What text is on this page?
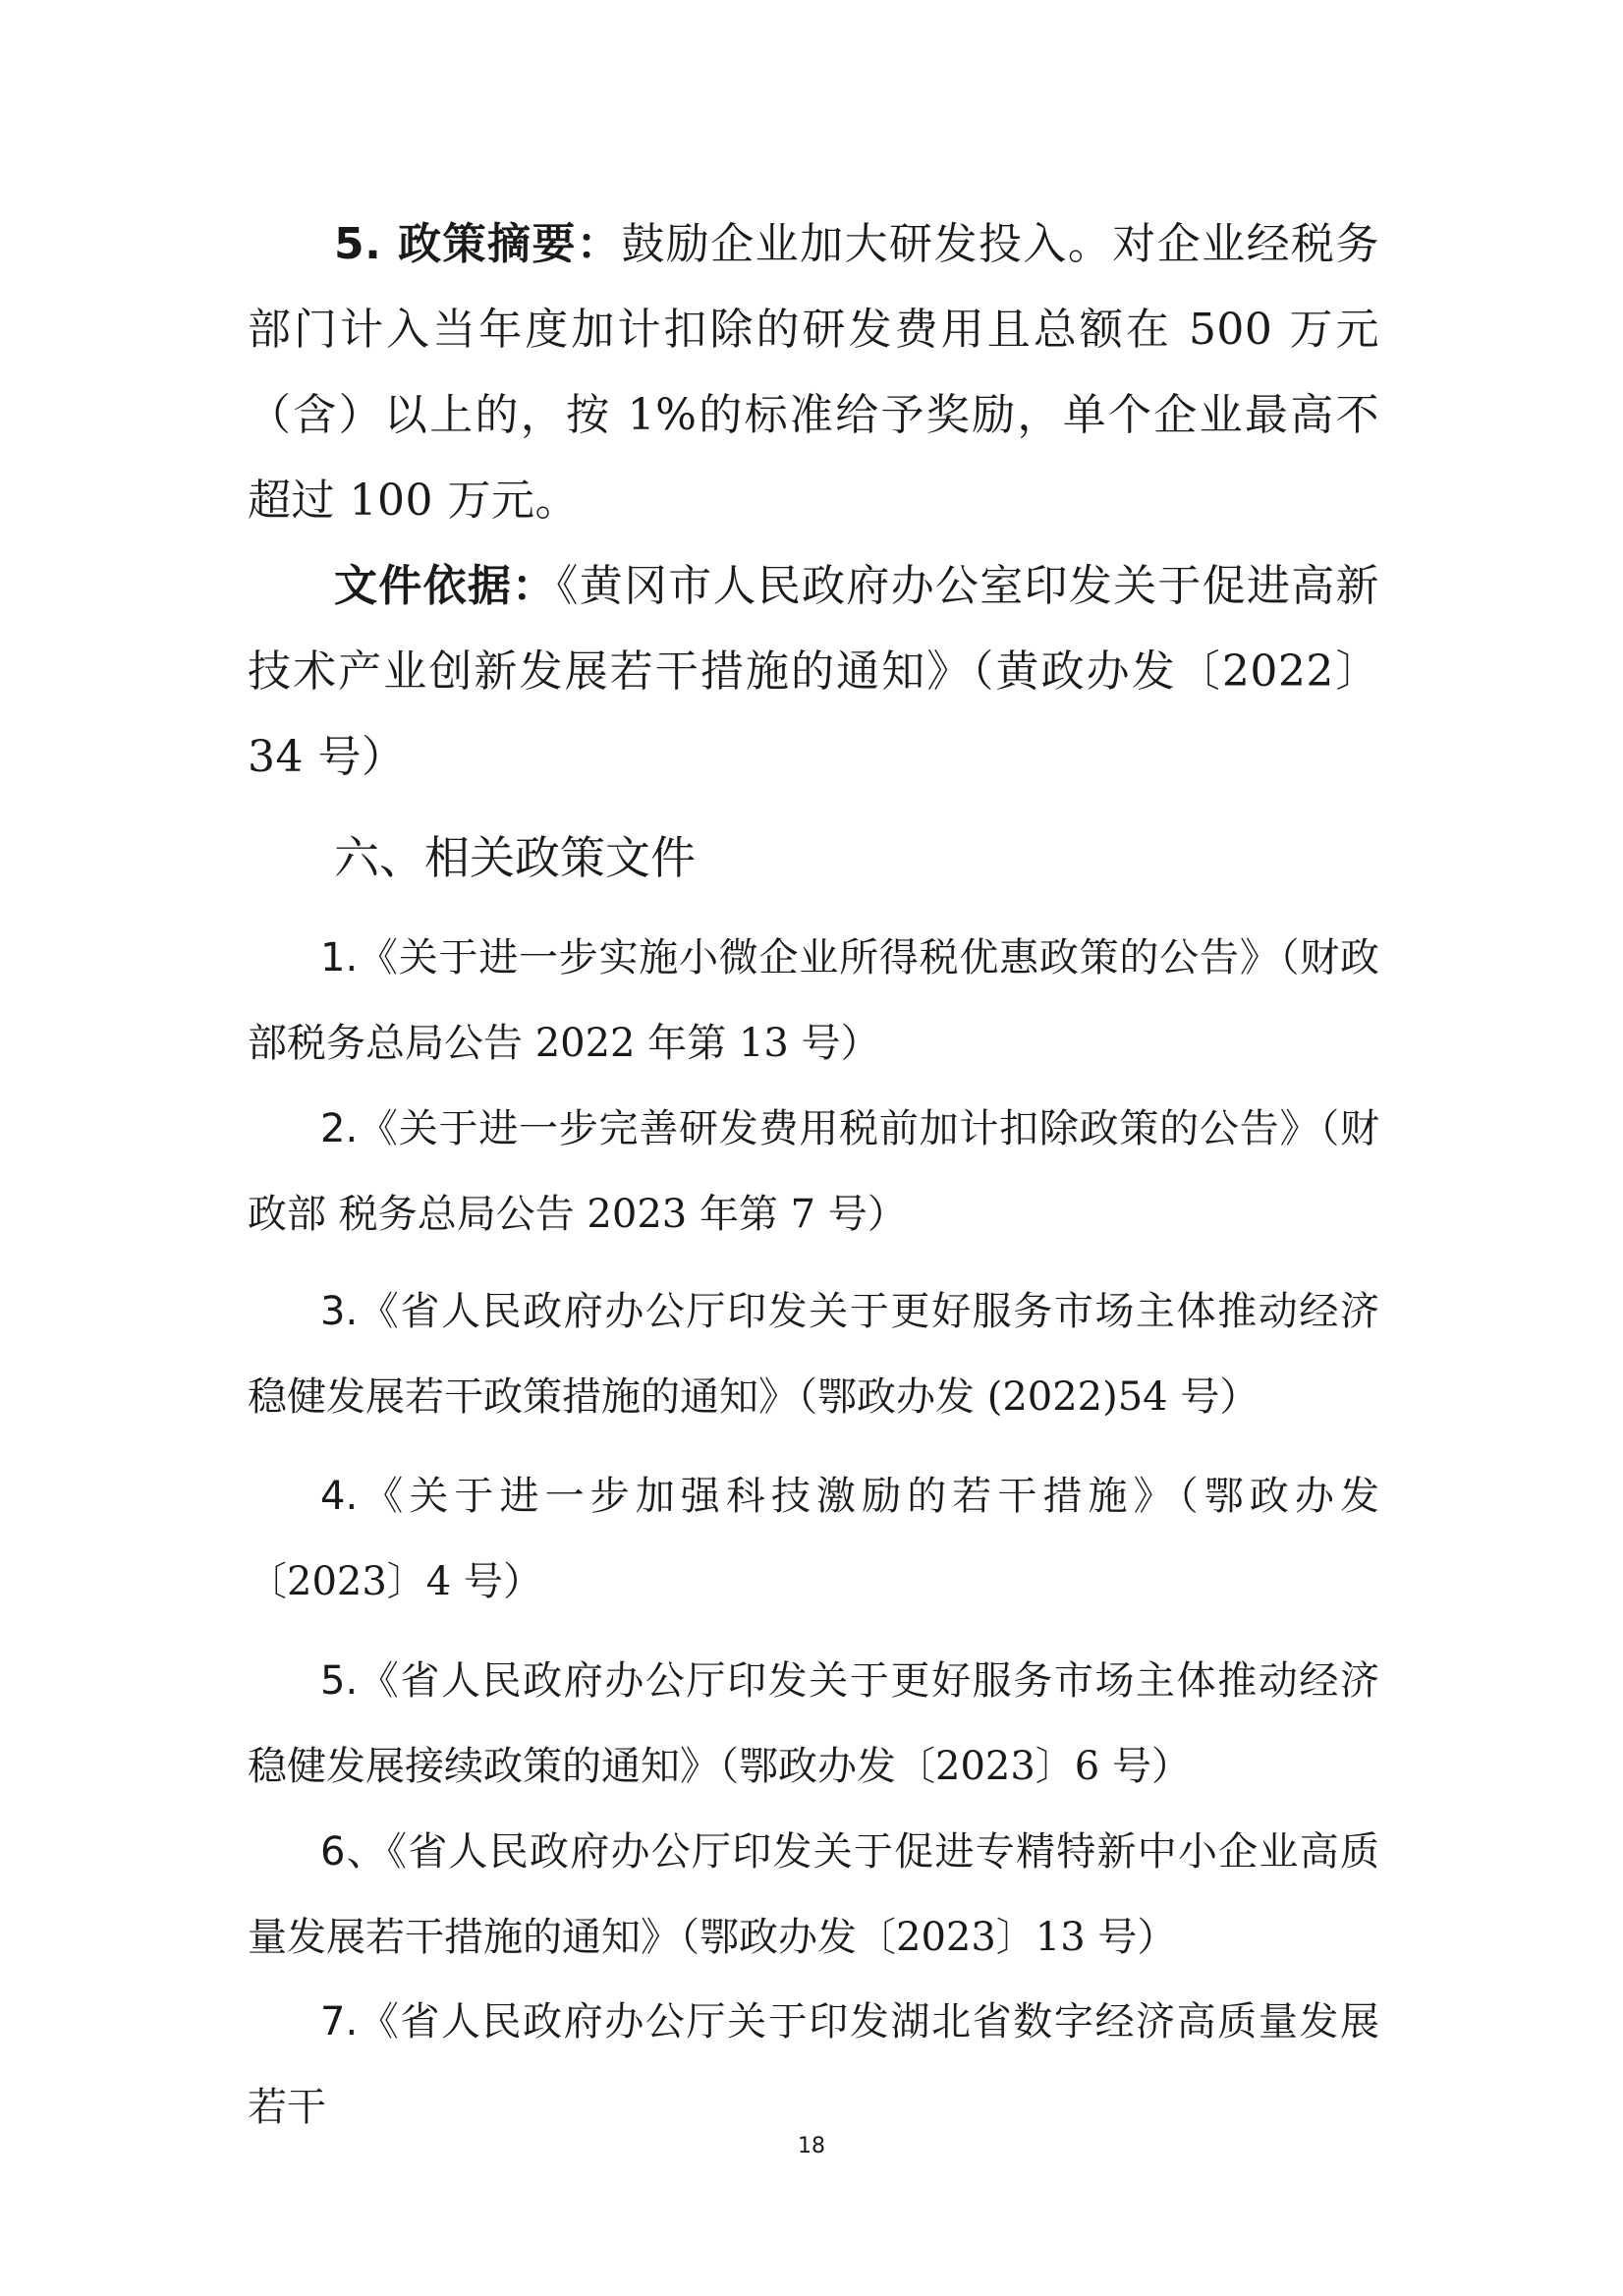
5. 政策摘要：鼓励企业加大研发投入。对企业经税务部门计入当年度加计扣除的研发费用且总额在 500 万元（含）以上的，按 1%的标准给予奖励，单个企业最高不超过 100 万元。

文件依据：《黄冈市人民政府办公室印发关于促进高新技术产业创新发展若干措施的通知》（黄政办发〔2022〕34 号）

六、相关政策文件

1.《关于进一步实施小微企业所得税优惠政策的公告》（财政部税务总局公告 2022 年第 13 号）

2.《关于进一步完善研发费用税前加计扣除政策的公告》（财政部 税务总局公告 2023 年第 7 号）

3.《省人民政府办公厅印发关于更好服务市场主体推动经济稳健发展若干政策措施的通知》（鄂政办发 (2022)54 号）

4.《关于进一步加强科技激励的若干措施》（鄂政办发〔2023〕4 号）

5.《省人民政府办公厅印发关于更好服务市场主体推动经济稳健发展接续政策的通知》（鄂政办发〔2023〕6 号）

6、《省人民政府办公厅印发关于促进专精特新中小企业高质量发展若干措施的通知》（鄂政办发〔2023〕13 号）

7.《省人民政府办公厅关于印发湖北省数字经济高质量发展若干

18
